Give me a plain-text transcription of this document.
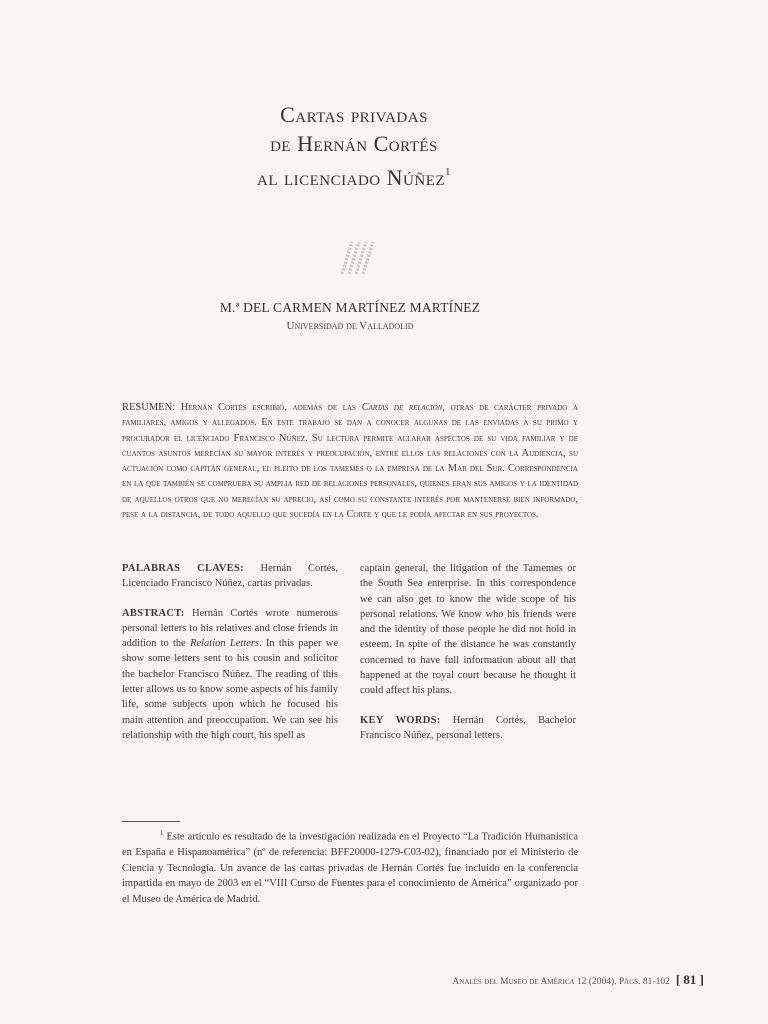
Cartas privadas
de Hernán Cortés
al licenciado Núñez$^1$
M.ª DEL CARMEN MARTÍNEZ MARTÍNEZ
Universidad de Valladolid
RESUMEN: Hernán Cortés escribió, además de las Cartas de relación, otras de carácter privado a familiares, amigos y allegados. En este trabajo se dan a conocer algunas de las enviadas a su primo y procurador el licenciado Francisco Núñez. Su lectura permite aclarar aspectos de su vida familiar y de cuantos asuntos merecían su mayor interés y preocupación, entre ellos las relaciones con la Audiencia, su actuación como capitán general, el pleito de los tamemes o la empresa de la Mar del Sur. Correspondencia en la que también se comprueba su amplia red de relaciones personales, quienes eran sus amigos y la identidad de aquellos otros que no merecían su aprecio, así como su constante interés por mantenerse bien informado, pese a la distancia, de todo aquello que sucedía en la Corte y que le podía afectar en sus proyectos.

PALABRAS CLAVES: Hernán Cortés, Licenciado Francisco Núñez, cartas privadas.

ABSTRACT: Hernán Cortés wrote numerous personal letters to his relatives and close friends in addition to the Relation Letters. In this paper we show some letters sent to his cousin and solicitor the bachelor Francisco Núñez. The reading of this letter allows us to know some aspects of his family life, some subjects upon which he focused his main attention and preoccupation. We can see his relationship with the high court, his spell as

captain general, the litigation of the Tamemes or the South Sea enterprise. In this correspondence we can also get to know the wide scope of his personal relations. We know who his friends were and the identity of those people he did not hold in esteem. In spite of the distance he was constantly concerned to have full information about all that happened at the royal court because he thought it could affect his plans.

KEY WORDS: Hernán Cortés, Bachelor Francisco Núñez, personal letters.

$^1$ Este artículo es resultado de la investigación realizada en el Proyecto “La Tradición Humanística en España e Hispanoamérica” (nº de referencia: BFF20000-1279-C03-02), financiado por el Ministerio de Ciencia y Tecnología. Un avance de las cartas privadas de Hernán Cortés fue incluido en la conferencia impartida en mayo de 2003 en el “VIII Curso de Fuentes para el conocimiento de América” organizado por el Museo de América de Madrid.
Anales del Museo de América 12 (2004). Págs. 81-102 [ 81 ]
